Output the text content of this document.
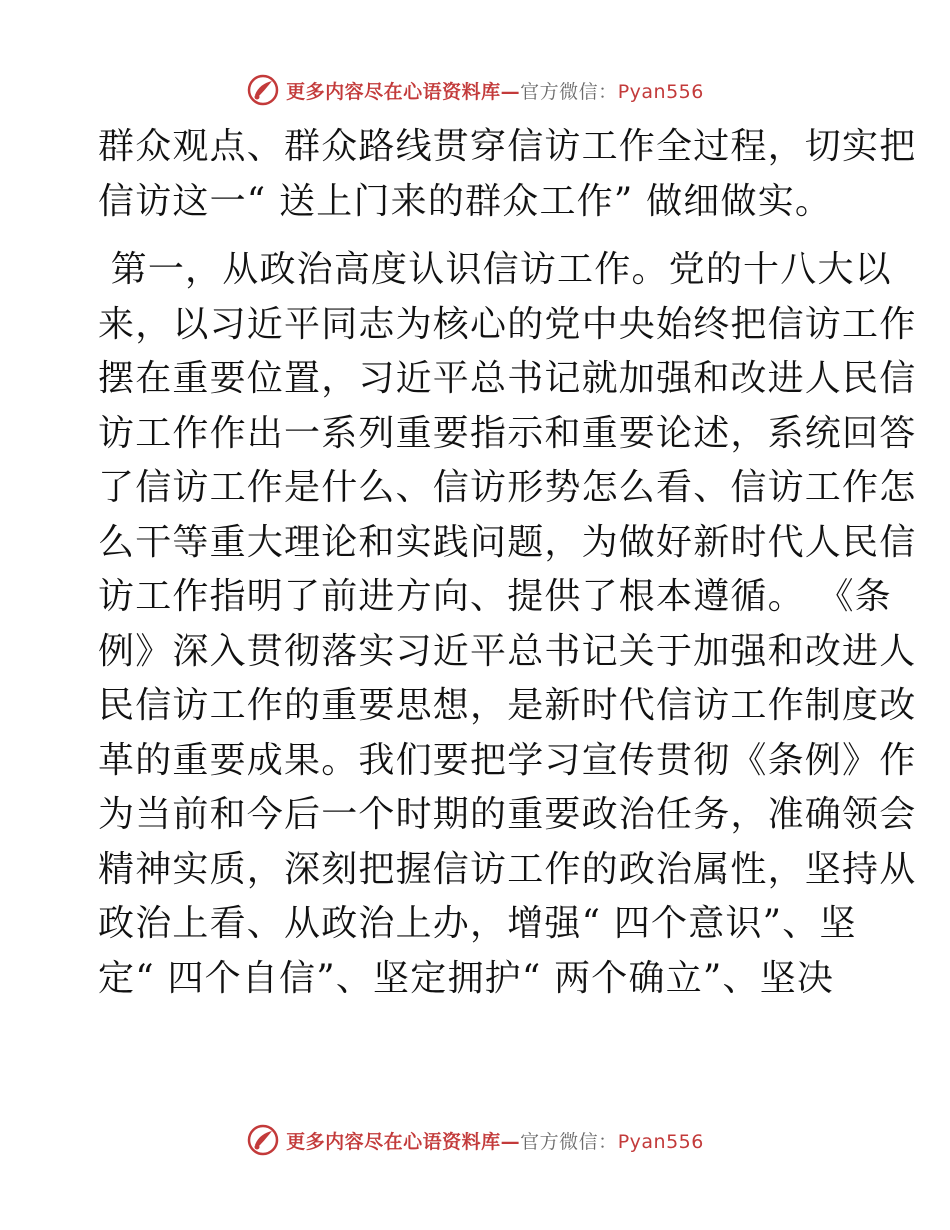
更多内容尽在心语资料库—官方微信：Pyan556
群众观点、群众路线贯穿信访工作全过程，切实把
信访这一“ 送上门来的群众工作” 做细做实。
第一，从政治高度认识信访工作。党的十八大以
来，以习近平同志为核心的党中央始终把信访工作
摆在重要位置，习近平总书记就加强和改进人民信
访工作作出一系列重要指示和重要论述，系统回答
了信访工作是什么、信访形势怎么看、信访工作怎
么干等重大理论和实践问题，为做好新时代人民信
访工作指明了前进方向、提供了根本遵循。 《条
例》深入贯彻落实习近平总书记关于加强和改进人
民信访工作的重要思想，是新时代信访工作制度改
革的重要成果。我们要把学习宣传贯彻《条例》作
为当前和今后一个时期的重要政治任务，准确领会
精神实质，深刻把握信访工作的政治属性，坚持从
政治上看、从政治上办，增强“ 四个意识”、坚
定“ 四个自信”、坚定拥护“ 两个确立”、坚决
更多内容尽在心语资料库—官方微信：Pyan556
